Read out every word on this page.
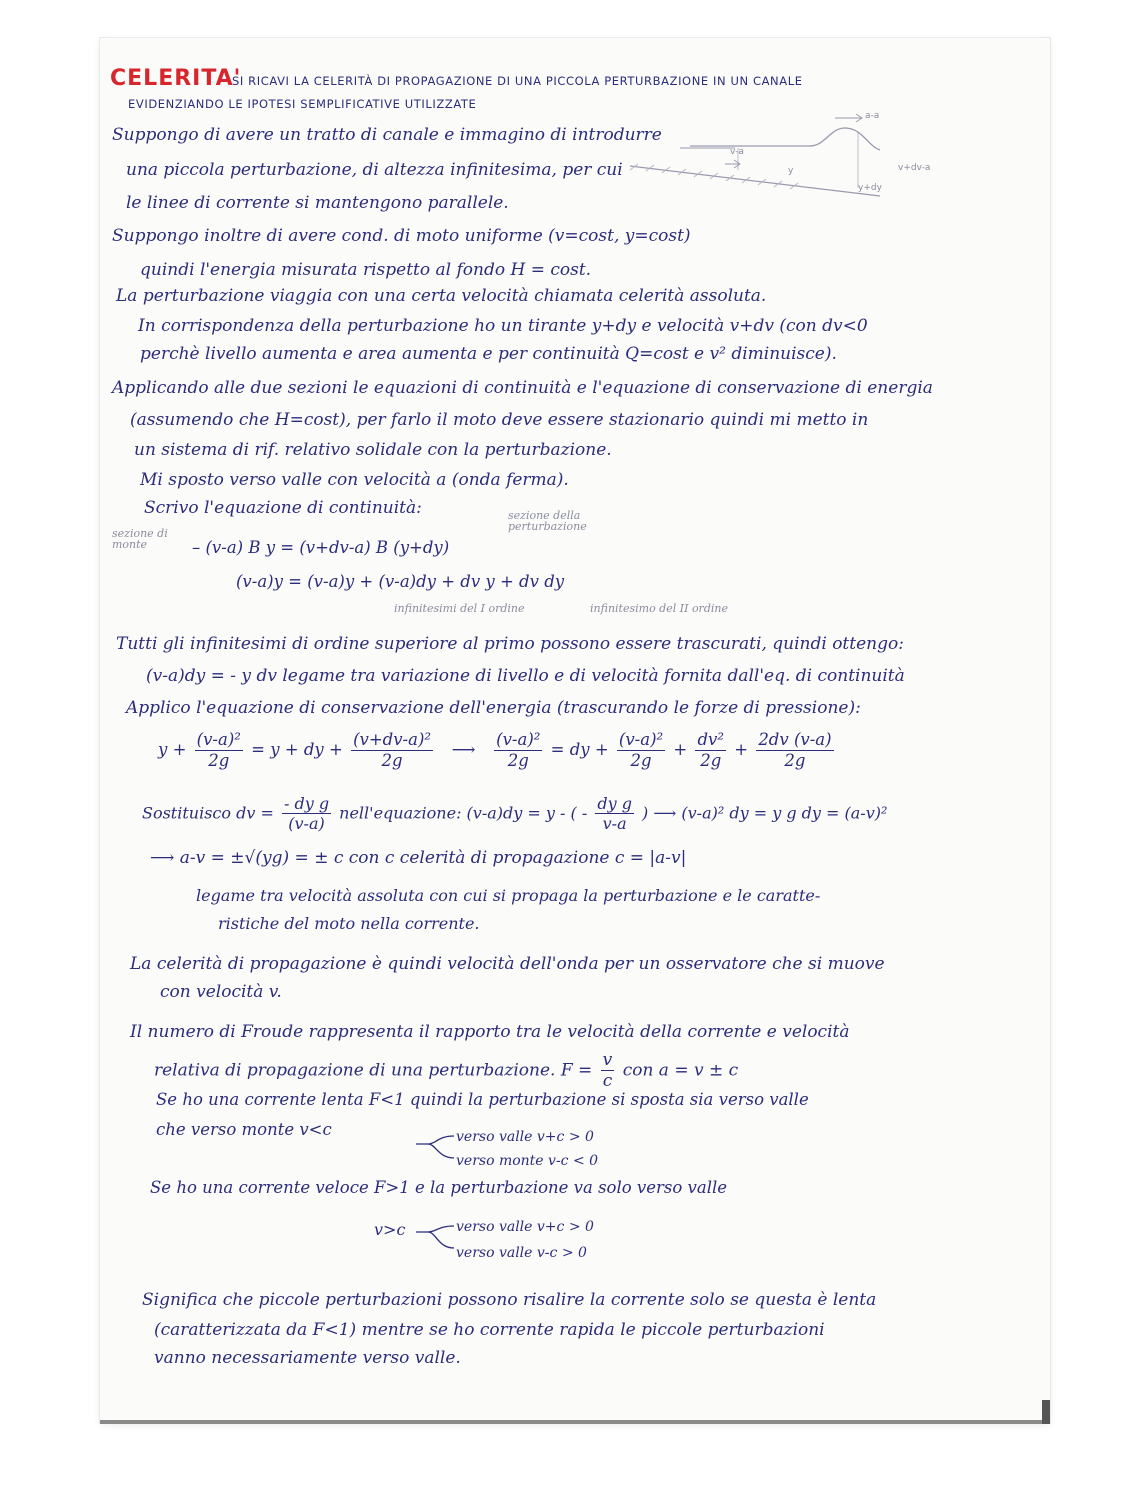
CELERITA'
SI RICAVI LA CELERITÀ DI PROPAGAZIONE DI UNA PICCOLA PERTURBAZIONE IN UN CANALE
EVIDENZIANDO LE IPOTESI SEMPLIFICATIVE UTILIZZATE
a-a
v-a
y	v+dv-a
y+dy
Suppongo di avere un tratto di canale e immagino di introdurre
una piccola perturbazione, di altezza infinitesima, per cui
le linee di corrente si mantengono parallele.
Suppongo inoltre di avere cond. di moto uniforme (v=cost, y=cost)
quindi l'energia misurata rispetto al fondo H = cost.
La perturbazione viaggia con una certa velocità chiamata celerità assoluta.
In corrispondenza della perturbazione ho un tirante y+dy e velocità v+dv (con dv<0
perchè livello aumenta e area aumenta e per continuità Q=cost e v² diminuisce).
Applicando alle due sezioni le equazioni di continuità e l'equazione di conservazione di energia
(assumendo che H=cost), per farlo il moto deve essere stazionario quindi mi metto in
un sistema di rif. relativo solidale con la perturbazione.
Mi sposto verso valle con velocità a (onda ferma).
Scrivo l'equazione di continuità:
sezione di monte
sezione della perturbazione
– (v-a) B y = (v+dv-a) B (y+dy)
(v-a)y = (v-a)y + (v-a)dy + dv y + dv dy
infinitesimi del I ordine	infinitesimo del II ordine
Tutti gli infinitesimi di ordine superiore al primo possono essere trascurati, quindi ottengo:
(v-a)dy = - y dv legame tra variazione di livello e di velocità fornita dall'eq. di continuità
Applico l'equazione di conservazione dell'energia (trascurando le forze di pressione):
$y + \frac{\text{(v-a)²}}{2g} = y$ + dy + $\frac{\text{(v+dv-a)²}}{2g}$ ⟶ $\frac{\text{(v-a)²}}{2g}$ = dy + $\frac{\text{(v-a)²}}{2g} + \frac{\text{dv²}}{2g} + \frac{2dv (v-a)}{2g}$
Sostituisco dv = $\frac{\text{- dy g}}{(v-a)}$ nell'equazione: (v-a)dy = y - ( - $\frac{\text{dy g}}{v-a}$ ) ⟶ (v-a)² dy = y g dy = (a-v)²
⟶ a-v = ±√(yg) = ± c con c celerità di propagazione c = |a-v|
legame tra velocità assoluta con cui si propaga la perturbazione e le caratte-
ristiche del moto nella corrente.
La celerità di propagazione è quindi velocità dell'onda per un osservatore che si muove
con velocità v.
Il numero di Froude rappresenta il rapporto tra le velocità della corrente e velocità
relativa di propagazione di una perturbazione. $F = \frac{v}{c}$ con a = v ± c
Se ho una corrente lenta F<1 quindi la perturbazione si sposta sia verso valle
che verso monte v<c	verso valle v+c > 0
verso monte v-c < 0
Se ho una corrente veloce F>1 e la perturbazione va solo verso valle
v>c	verso valle v+c > 0
verso valle v-c > 0
Significa che piccole perturbazioni possono risalire la corrente solo se questa è lenta
(caratterizzata da F<1) mentre se ho corrente rapida le piccole perturbazioni
vanno necessariamente verso valle.
